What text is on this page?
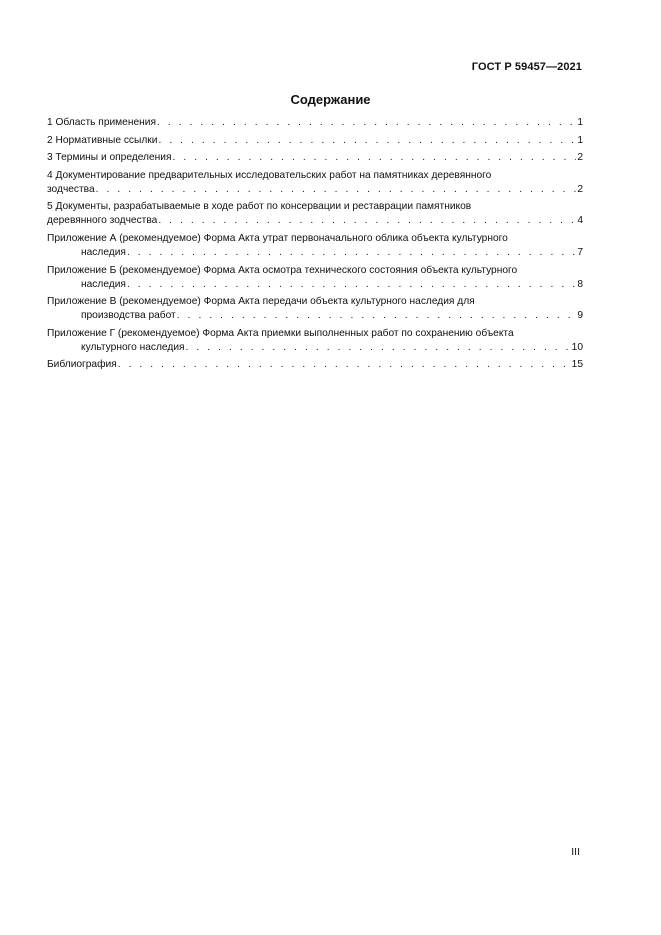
ГОСТ Р 59457—2021
Содержание
1 Область применения . . .	1
2 Нормативные ссылки . . .	1
3 Термины и определения . . .	2
4 Документирование предварительных исследовательских работ на памятниках деревянного
зодчества . . .	2
5 Документы, разрабатываемые в ходе работ по консервации и реставрации памятников
деревянного зодчества . . .	4
Приложение А (рекомендуемое) Форма Акта утрат первоначального облика объекта культурного
наследия . . .	7
Приложение Б (рекомендуемое) Форма Акта осмотра технического состояния объекта культурного
наследия . . .	8
Приложение В (рекомендуемое) Форма Акта передачи объекта культурного наследия для
производства работ . . .	9
Приложение Г (рекомендуемое) Форма Акта приемки выполненных работ по сохранению объекта
культурного наследия . . .	10
Библиография . . .	15
III
